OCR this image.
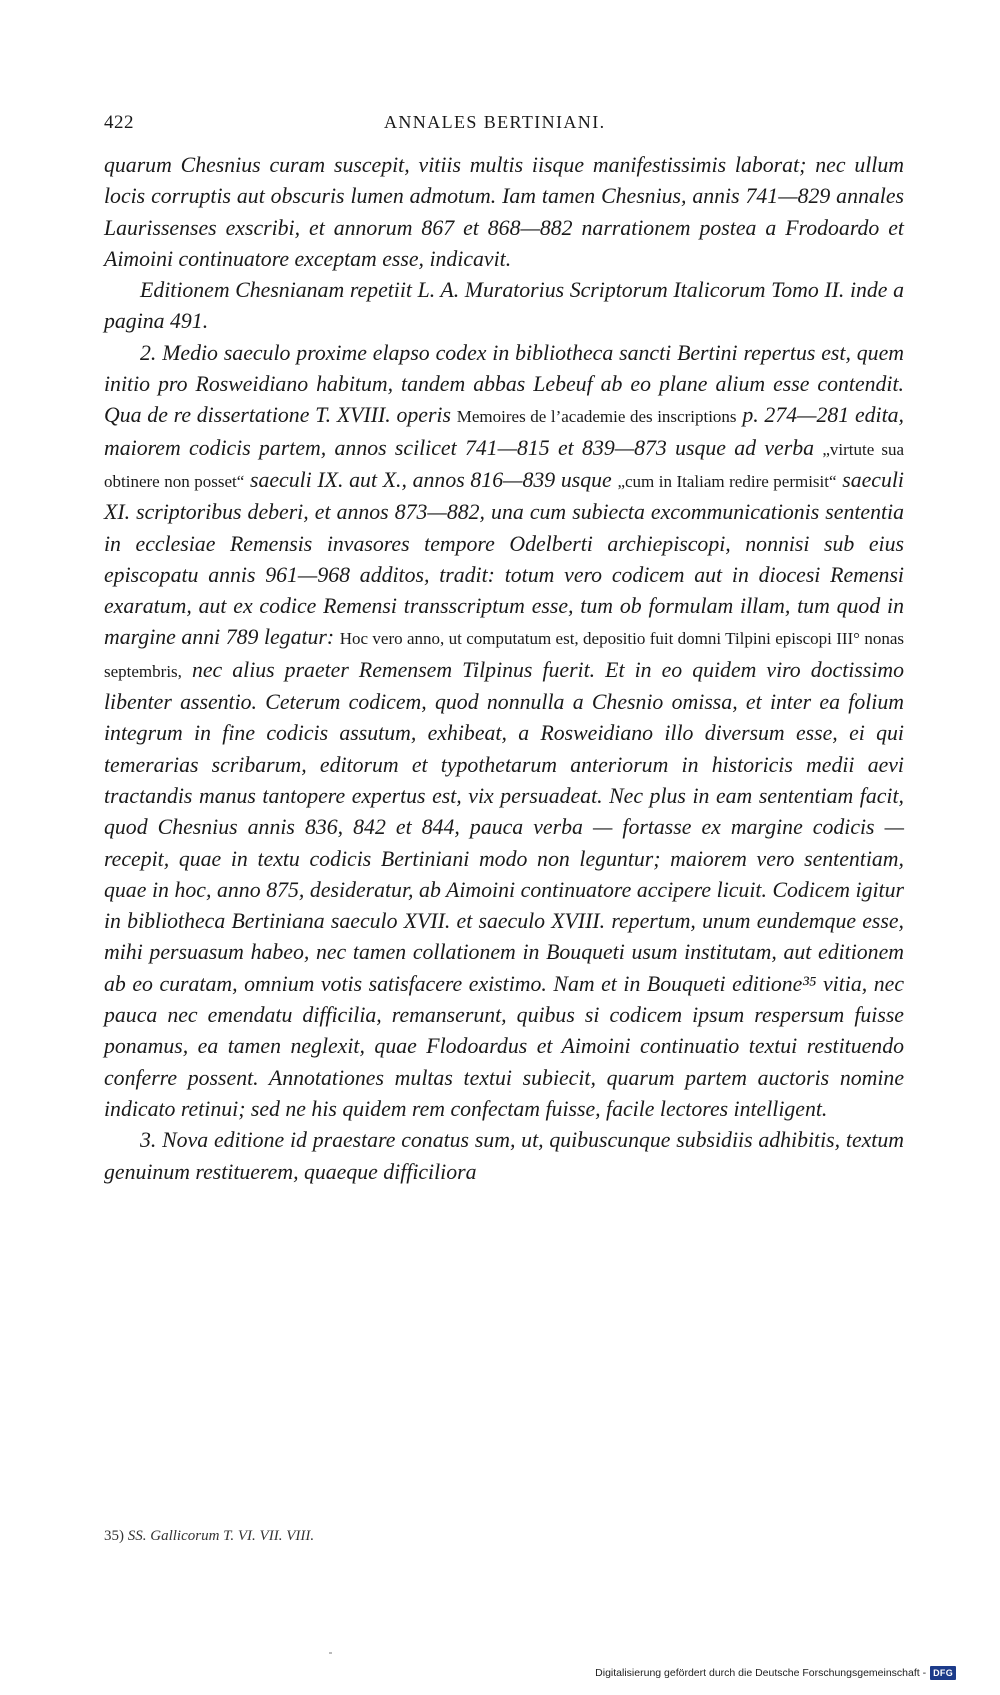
422	ANNALES BERTINIANI.

quarum Chesnius curam suscepit, vitiis multis iisque manifestissimis laborat; nec ullum locis corruptis aut obscuris lumen admotum. Iam tamen Chesnius, annis 741—829 annales Laurissenses exscribi, et annorum 867 et 868—882 narrationem postea a Frodoardo et Aimoini continuatore exceptam esse, indicavit.

Editionem Chesnianam repetiit L. A. Muratorius Scriptorum Italicorum Tomo II. inde a pagina 491.

2. Medio saeculo proxime elapso codex in bibliotheca sancti Bertini repertus est, quem initio pro Rosweidiano habitum, tandem abbas Lebeuf ab eo plane alium esse contendit. Qua de re dissertatione T. XVIII. operis Memoires de l’academie des inscriptions p. 274—281 edita, maiorem codicis partem, annos scilicet 741—815 et 839—873 usque ad verba „virtute sua obtinere non posset“ saeculi IX. aut X., annos 816—839 usque „cum in Italiam redire permisit“ saeculi XI. scriptoribus deberi, et annos 873—882, una cum subiecta excommunicationis sententia in ecclesiae Remensis invasores tempore Odelberti archiepiscopi, nonnisi sub eius episcopatu annis 961—968 additos, tradit: totum vero codicem aut in diocesi Remensi exaratum, aut ex codice Remensi transscriptum esse, tum ob formulam illam, tum quod in margine anni 789 legatur: Hoc vero anno, ut computatum est, depositio fuit domni Tilpini episcopi III° nonas septembris, nec alius praeter Remensem Tilpinus fuerit. Et in eo quidem viro doctissimo libenter assentio. Ceterum codicem, quod nonnulla a Chesnio omissa, et inter ea folium integrum in fine codicis assutum, exhibeat, a Rosweidiano illo diversum esse, ei qui temerarias scribarum, editorum et typothetarum anteriorum in historicis medii aevi tractandis manus tantopere expertus est, vix persuadeat. Nec plus in eam sententiam facit, quod Chesnius annis 836, 842 et 844, pauca verba — fortasse ex margine codicis — recepit, quae in textu codicis Bertiniani modo non leguntur; maiorem vero sententiam, quae in hoc, anno 875, desideratur, ab Aimoini continuatore accipere licuit. Codicem igitur in bibliotheca Bertiniana saeculo XVII. et saeculo XVIII. repertum, unum eundemque esse, mihi persuasum habeo, nec tamen collationem in Bouqueti usum institutam, aut editionem ab eo curatam, omnium votis satisfacere existimo. Nam et in Bouqueti editione³⁵ vitia, nec pauca nec emendatu difficilia, remanserunt, quibus si codicem ipsum respersum fuisse ponamus, ea tamen neglexit, quae Flodoardus et Aimoini continuatio textui restituendo conferre possent. Annotationes multas textui subiecit, quarum partem auctoris nomine indicato retinui; sed ne his quidem rem confectam fuisse, facile lectores intelligent.

3. Nova editione id praestare conatus sum, ut, quibuscunque subsidiis adhibitis, textum genuinum restituerem, quaeque difficiliora

35) SS. Gallicorum T. VI. VII. VIII.
Digitalisierung gefördert durch die Deutsche Forschungsgemeinschaft - DFG
